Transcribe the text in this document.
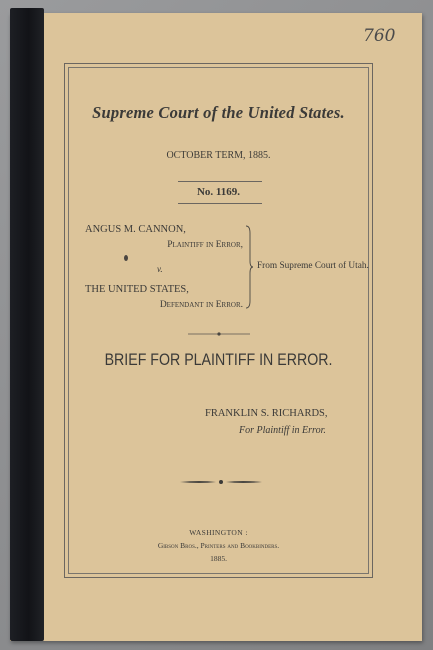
760
Supreme Court of the United States.
OCTOBER TERM, 1885.
No. 1169.
ANGUS M. CANNON,
Plaintiff in Error,
v.
THE UNITED STATES,
Defendant in Error.
From Supreme Court of Utah.
BRIEF FOR PLAINTIFF IN ERROR.
FRANKLIN S. RICHARDS,
For Plaintiff in Error.
WASHINGTON :
Gibson Bros., Printers and Bookbinders.
1885.
